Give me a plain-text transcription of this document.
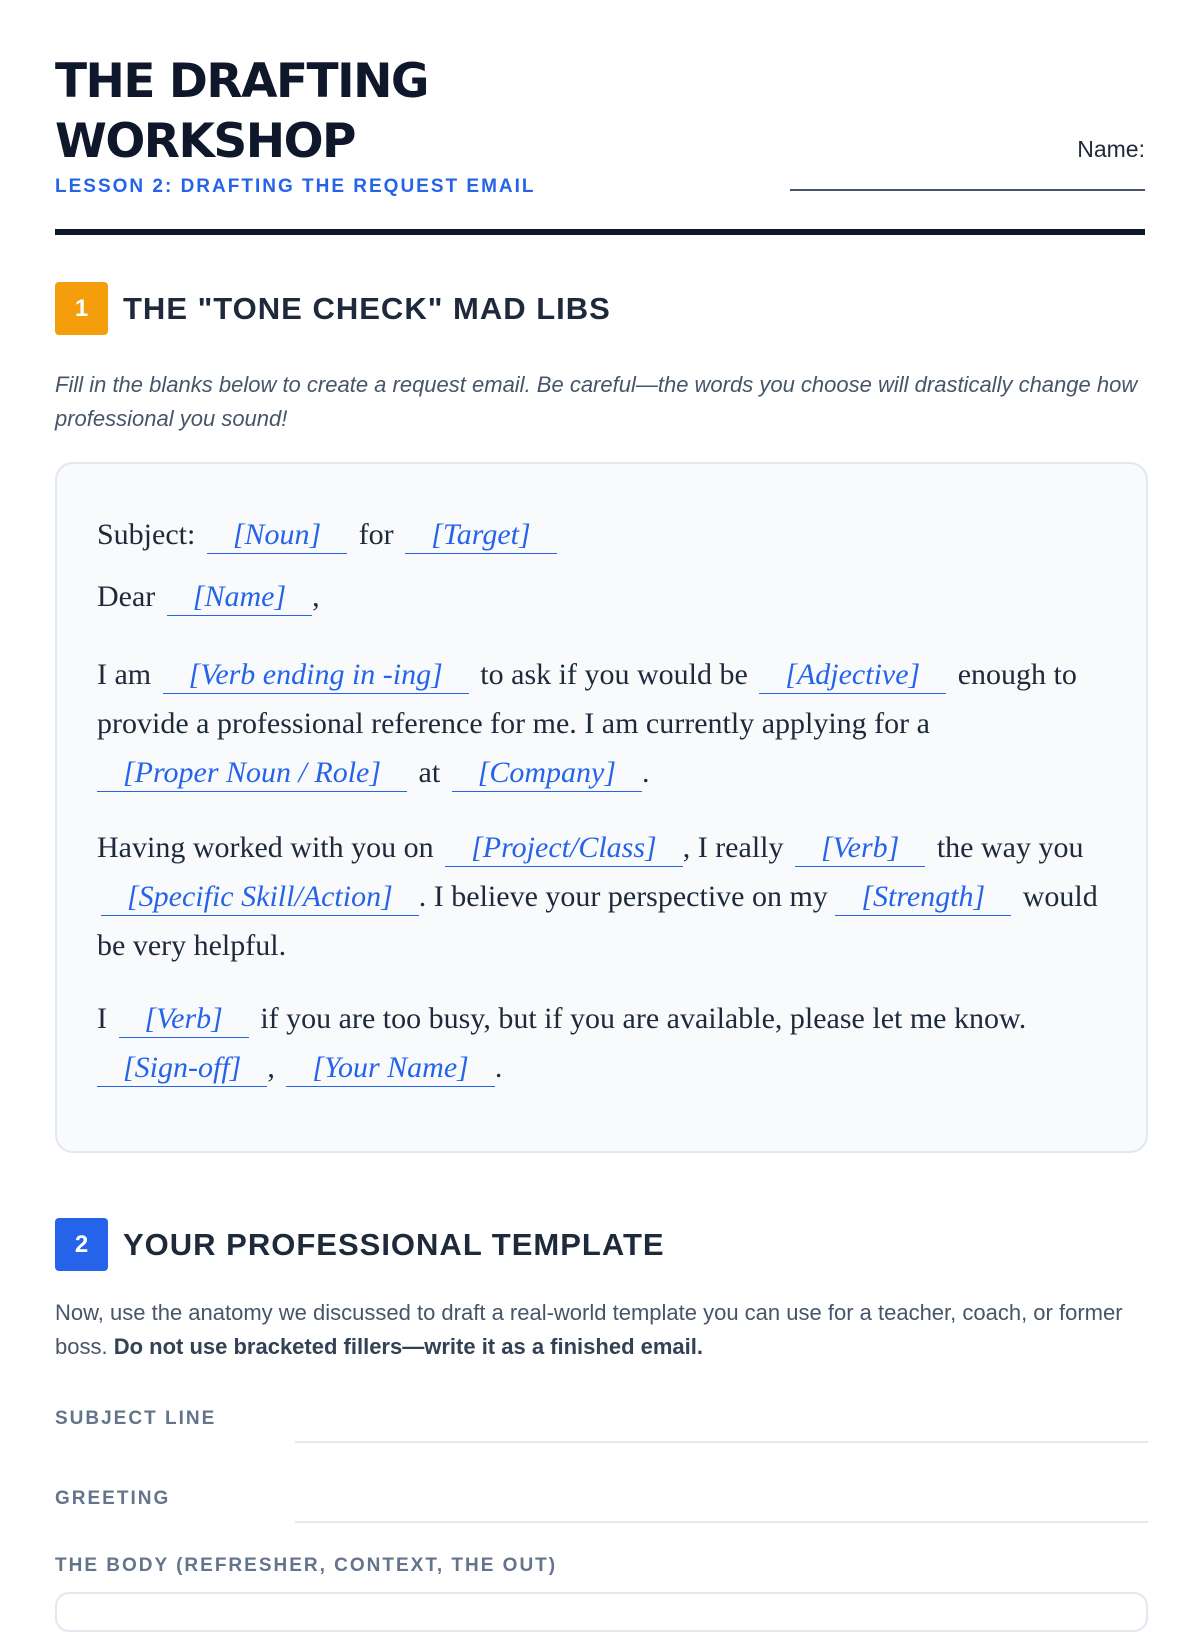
THE DRAFTING WORKSHOP
LESSON 2: DRAFTING THE REQUEST EMAIL
Name:
1	THE "TONE CHECK" MAD LIBS
Fill in the blanks below to create a request email. Be careful—the words you choose will drastically change how professional you sound!

Subject: [Noun] for [Target]

Dear [Name] ,

I am [Verb ending in -ing] to ask if you would be [Adjective] enough to provide a professional reference for me. I am currently applying for a [Proper Noun / Role] at [Company] .

Having worked with you on [Project/Class] , I really [Verb] the way you [Specific Skill/Action] . I believe your perspective on my [Strength] would be very helpful.

I [Verb] if you are too busy, but if you are available, please let me know. [Sign-off] , [Your Name] .

2	YOUR PROFESSIONAL TEMPLATE
Now, use the anatomy we discussed to draft a real-world template you can use for a teacher, coach, or former boss. Do not use bracketed fillers—write it as a finished email.
SUBJECT LINE
GREETING
THE BODY (REFRESHER, CONTEXT, THE OUT)
